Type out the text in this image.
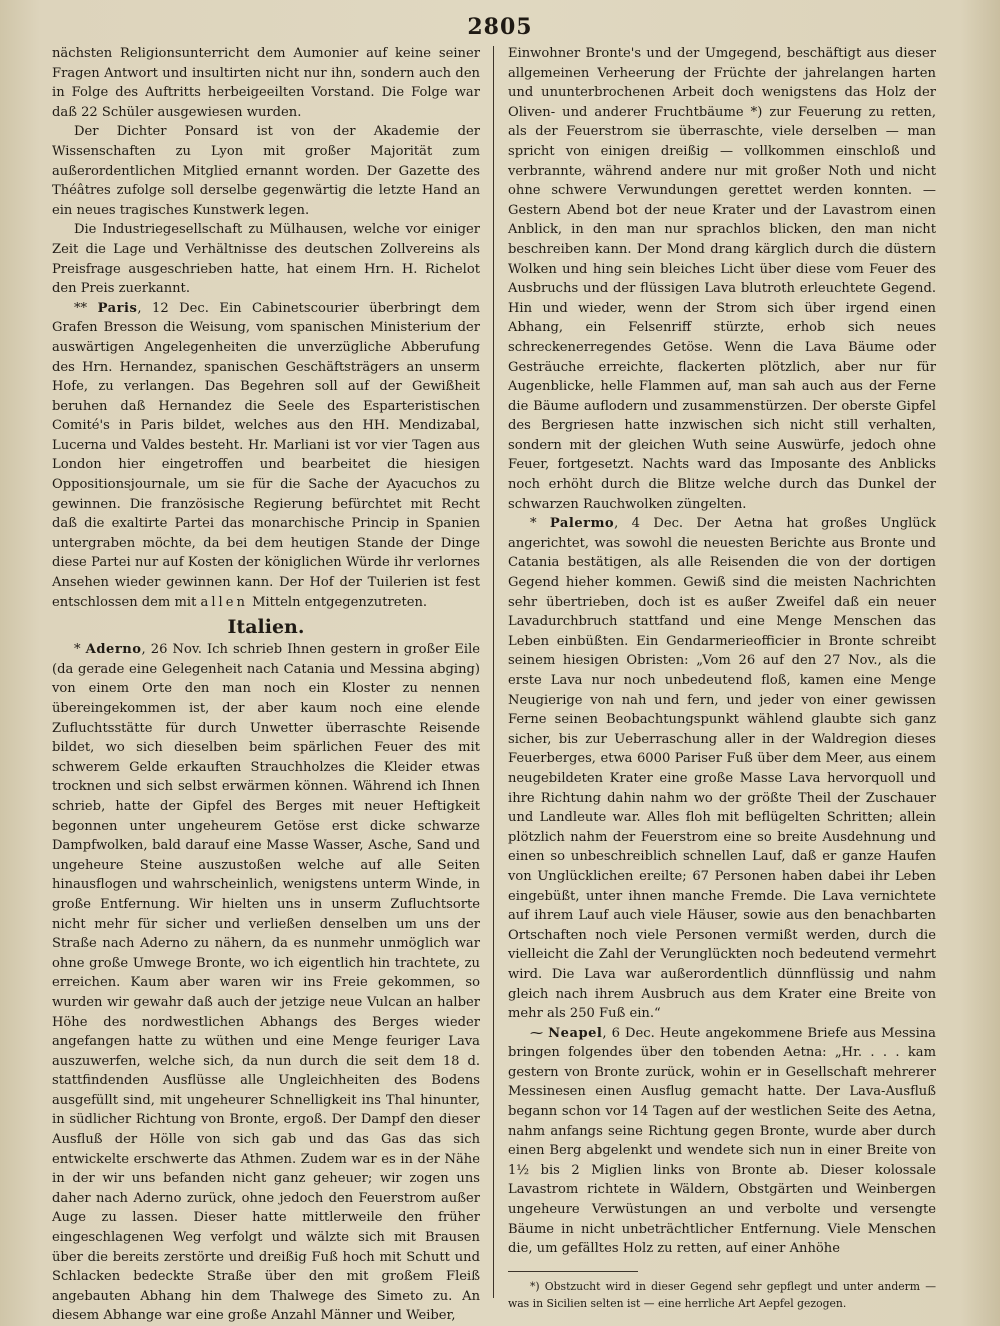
2805

nächsten Religionsunterricht dem Aumonier auf keine seiner Fragen Antwort und insultirten nicht nur ihn, sondern auch den in Folge des Auftritts herbeigeeilten Vorstand. Die Folge war daß 22 Schüler ausgewiesen wurden.

Der Dichter Ponsard ist von der Akademie der Wissenschaften zu Lyon mit großer Majorität zum außerordentlichen Mitglied ernannt worden. Der Gazette des Théâtres zufolge soll derselbe gegenwärtig die letzte Hand an ein neues tragisches Kunstwerk legen.

Die Industriegesellschaft zu Mülhausen, welche vor einiger Zeit die Lage und Verhältnisse des deutschen Zollvereins als Preisfrage ausgeschrieben hatte, hat einem Hrn. H. Richelot den Preis zuerkannt.

** Paris, 12 Dec. Ein Cabinetscourier überbringt dem Grafen Bresson die Weisung, vom spanischen Ministerium der auswärtigen Angelegenheiten die unverzügliche Abberufung des Hrn. Hernandez, spanischen Geschäftsträgers an unserm Hofe, zu verlangen. Das Begehren soll auf der Gewißheit beruhen daß Hernandez die Seele des Esparteristischen Comité's in Paris bildet, welches aus den HH. Mendizabal, Lucerna und Valdes besteht. Hr. Marliani ist vor vier Tagen aus London hier eingetroffen und bearbeitet die hiesigen Oppositionsjournale, um sie für die Sache der Ayacuchos zu gewinnen. Die französische Regierung befürchtet mit Recht daß die exaltirte Partei das monarchische Princip in Spanien untergraben möchte, da bei dem heutigen Stande der Dinge diese Partei nur auf Kosten der königlichen Würde ihr verlornes Ansehen wieder gewinnen kann. Der Hof der Tuilerien ist fest entschlossen dem mit allen Mitteln entgegenzutreten.

Italien.

* Aderno, 26 Nov. Ich schrieb Ihnen gestern in großer Eile (da gerade eine Gelegenheit nach Catania und Messina abging) von einem Orte den man noch ein Kloster zu nennen übereingekommen ist, der aber kaum noch eine elende Zufluchtsstätte für durch Unwetter überraschte Reisende bildet, wo sich dieselben beim spärlichen Feuer des mit schwerem Gelde erkauften Strauchholzes die Kleider etwas trocknen und sich selbst erwärmen können. Während ich Ihnen schrieb, hatte der Gipfel des Berges mit neuer Heftigkeit begonnen unter ungeheurem Getöse erst dicke schwarze Dampfwolken, bald darauf eine Masse Wasser, Asche, Sand und ungeheure Steine auszustoßen welche auf alle Seiten hinausflogen und wahrscheinlich, wenigstens unterm Winde, in große Entfernung. Wir hielten uns in unserm Zufluchtsorte nicht mehr für sicher und verließen denselben um uns der Straße nach Aderno zu nähern, da es nunmehr unmöglich war ohne große Umwege Bronte, wo ich eigentlich hin trachtete, zu erreichen. Kaum aber waren wir ins Freie gekommen, so wurden wir gewahr daß auch der jetzige neue Vulcan an halber Höhe des nordwestlichen Abhangs des Berges wieder angefangen hatte zu wüthen und eine Menge feuriger Lava auszuwerfen, welche sich, da nun durch die seit dem 18 d. stattfindenden Ausflüsse alle Ungleichheiten des Bodens ausgefüllt sind, mit ungeheurer Schnelligkeit ins Thal hinunter, in südlicher Richtung von Bronte, ergoß. Der Dampf den dieser Ausfluß der Hölle von sich gab und das Gas das sich entwickelte erschwerte das Athmen. Zudem war es in der Nähe in der wir uns befanden nicht ganz geheuer; wir zogen uns daher nach Aderno zurück, ohne jedoch den Feuerstrom außer Auge zu lassen. Dieser hatte mittlerweile den früher eingeschlagenen Weg verfolgt und wälzte sich mit Brausen über die bereits zerstörte und dreißig Fuß hoch mit Schutt und Schlacken bedeckte Straße über den mit großem Fleiß angebauten Abhang hin dem Thalwege des Simeto zu. An diesem Abhange war eine große Anzahl Männer und Weiber,

Einwohner Bronte's und der Umgegend, beschäftigt aus dieser allgemeinen Verheerung der Früchte der jahrelangen harten und ununterbrochenen Arbeit doch wenigstens das Holz der Oliven- und anderer Fruchtbäume *) zur Feuerung zu retten, als der Feuerstrom sie überraschte, viele derselben — man spricht von einigen dreißig — vollkommen einschloß und verbrannte, während andere nur mit großer Noth und nicht ohne schwere Verwundungen gerettet werden konnten. — Gestern Abend bot der neue Krater und der Lavastrom einen Anblick, in den man nur sprachlos blicken, den man nicht beschreiben kann. Der Mond drang kärglich durch die düstern Wolken und hing sein bleiches Licht über diese vom Feuer des Ausbruchs und der flüssigen Lava blutroth erleuchtete Gegend. Hin und wieder, wenn der Strom sich über irgend einen Abhang, ein Felsenriff stürzte, erhob sich neues schreckenerregendes Getöse. Wenn die Lava Bäume oder Gesträuche erreichte, flackerten plötzlich, aber nur für Augenblicke, helle Flammen auf, man sah auch aus der Ferne die Bäume auflodern und zusammenstürzen. Der oberste Gipfel des Bergriesen hatte inzwischen sich nicht still verhalten, sondern mit der gleichen Wuth seine Auswürfe, jedoch ohne Feuer, fortgesetzt. Nachts ward das Imposante des Anblicks noch erhöht durch die Blitze welche durch das Dunkel der schwarzen Rauchwolken züngelten.

* Palermo, 4 Dec. Der Aetna hat großes Unglück angerichtet, was sowohl die neuesten Berichte aus Bronte und Catania bestätigen, als alle Reisenden die von der dortigen Gegend hieher kommen. Gewiß sind die meisten Nachrichten sehr übertrieben, doch ist es außer Zweifel daß ein neuer Lavadurchbruch stattfand und eine Menge Menschen das Leben einbüßten. Ein Gendarmerieofficier in Bronte schreibt seinem hiesigen Obristen: „Vom 26 auf den 27 Nov., als die erste Lava nur noch unbedeutend floß, kamen eine Menge Neugierige von nah und fern, und jeder von einer gewissen Ferne seinen Beobachtungspunkt wählend glaubte sich ganz sicher, bis zur Ueberraschung aller in der Waldregion dieses Feuerberges, etwa 6000 Pariser Fuß über dem Meer, aus einem neugebildeten Krater eine große Masse Lava hervorquoll und ihre Richtung dahin nahm wo der größte Theil der Zuschauer und Landleute war. Alles floh mit beflügelten Schritten; allein plötzlich nahm der Feuerstrom eine so breite Ausdehnung und einen so unbeschreiblich schnellen Lauf, daß er ganze Haufen von Unglücklichen ereilte; 67 Personen haben dabei ihr Leben eingebüßt, unter ihnen manche Fremde. Die Lava vernichtete auf ihrem Lauf auch viele Häuser, sowie aus den benachbarten Ortschaften noch viele Personen vermißt werden, durch die vielleicht die Zahl der Verunglückten noch bedeutend vermehrt wird. Die Lava war außerordentlich dünnflüssig und nahm gleich nach ihrem Ausbruch aus dem Krater eine Breite von mehr als 250 Fuß ein.“

⁓ Neapel, 6 Dec. Heute angekommene Briefe aus Messina bringen folgendes über den tobenden Aetna: „Hr. . . . kam gestern von Bronte zurück, wohin er in Gesellschaft mehrerer Messinesen einen Ausflug gemacht hatte. Der Lava-Ausfluß begann schon vor 14 Tagen auf der westlichen Seite des Aetna, nahm anfangs seine Richtung gegen Bronte, wurde aber durch einen Berg abgelenkt und wendete sich nun in einer Breite von 1½ bis 2 Miglien links von Bronte ab. Dieser kolossale Lavastrom richtete in Wäldern, Obstgärten und Weinbergen ungeheure Verwüstungen an und verbolte und versengte Bäume in nicht unbeträchtlicher Entfernung. Viele Menschen die, um gefälltes Holz zu retten, auf einer Anhöhe

*) Obstzucht wird in dieser Gegend sehr gepflegt und unter anderm — was in Sicilien selten ist — eine herrliche Art Aepfel gezogen.
